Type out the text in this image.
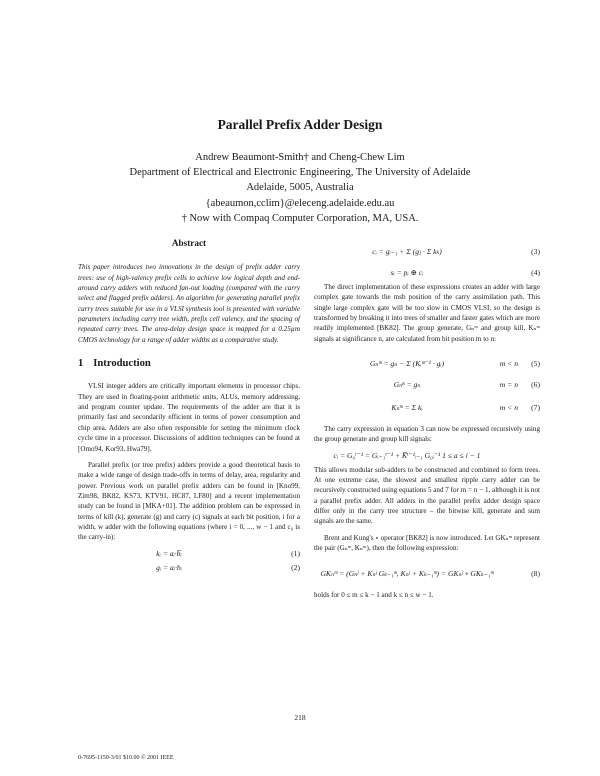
Parallel Prefix Adder Design
Andrew Beaumont-Smith† and Cheng-Chew Lim
Department of Electrical and Electronic Engineering, The University of Adelaide
Adelaide, 5005, Australia
{abeaumon,cclim}@eleceng.adelaide.edu.au
† Now with Compaq Computer Corporation, MA, USA.
Abstract

This paper introduces two innovations in the design of prefix adder carry trees: use of high-valency prefix cells to achieve low logical depth and end-around carry adders with reduced fan-out loading (compared with the carry select and flagged prefix adders). An algorithm for generating parallel prefix carry trees suitable for use in a VLSI synthesis tool is presented with variable parameters including carry tree width, prefix cell valency, and the spacing of repeated carry trees. The area-delay design space is mapped for a 0.25µm CMOS technology for a range of adder widths as a comparative study.

1 Introduction

VLSI integer adders are critically important elements in processor chips. They are used in floating-point arithmetic units, ALUs, memory addressing, and program counter update. The requirements of the adder are that it is primarily fast and secondarily efficient in terms of power consumption and chip area. Adders are also often responsible for setting the minimum clock cycle time in a processor. Discussions of addition techniques can be found at [Omo94, Kor93, Hwa79].

Parallel prefix (or tree prefix) adders provide a good theoretical basis to make a wide range of design trade-offs in terms of delay, area, regularity and power. Previous work on parallel prefix adders can be found in [Kno99, Zim98, BK82, KS73, KTV91, HC87, LF80] and a recent implementation study can be found in [MKA+01]. The addition problem can be expressed in terms of kill (k), generate (g) and carry (c) signals at each bit position, i for a width, w adder with the following equations (where i = 0, ..., w − 1 and c₀ is the carry-in):

kᵢ = aᵢ·b̅ᵢ	(1)
gᵢ = aᵢ·bᵢ	(2)
cᵢ = gᵢ₋₁ + Σ (gⱼ · Σ kₖ)	(3)
sᵢ = pᵢ ⊕ cᵢ	(4)

The direct implementation of these expressions creates an adder with large complex gate towards the msb position of the carry assimilation path. This single large complex gate will be too slow in CMOS VLSI, so the design is transformed by breaking it into trees of smaller and faster gates which are more readily implemented [BK82]. The group generate, Gₙᵐ and group kill, Kₙᵐ signals at significance n, are calculated from bit position m to n:

Gₙᵐ = gₙ − Σ (Kᵢᵐ⁻¹ · gᵢ)	m < n (5)
Gₙⁿ = gₙ	m = n (6)
Kₙᵐ = Σ kᵢ	m < n (7)

The carry expression in equation 3 can now be expressed recursively using the group generate and group kill signals:

cᵢ = G₀ⁱ⁻¹ = Gᵢ₋₁ⁱ⁻¹ + K̅ⁱ⁻¹ᵢ₋₁ G₀ᵢ⁻¹ 1 ≤ a ≤ i − 1

This allows modular sub-adders to be constructed and combined to form trees. At one extreme case, the slowest and smallest ripple carry adder can be recursively constructed using equations 5 and 7 for m = n − 1, although it is not a parallel prefix adder. All adders in the parallel prefix adder design space differ only in the carry tree structure – the bitwise kill, generate and sum signals are the same.

Brent and Kung's ∘ operator [BK82] is now introduced. Let GKₙᵐ represent the pair (Gₙᵐ, Kₙᵐ), then the following expression:

GKₙᵐ = (Gₙʲ + Kₙʲ Gₖ₋₁ᵐ, Kₙʲ + Kₖ₋₁ᵐ) = GKₙʲ ∘ GKₖ₋₁ᵐ	(8)

holds for 0 ≤ m ≤ k − 1 and k ≤ n ≤ w − 1.

218
0-7695-1150-3/01 $10.00 © 2001 IEEE
